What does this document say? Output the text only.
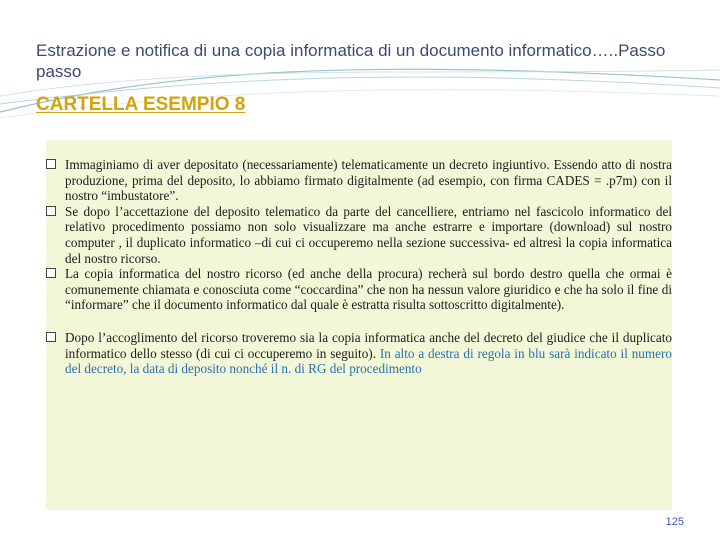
Estrazione e notifica di una copia informatica di un documento informatico…..Passo passo
CARTELLA ESEMPIO 8
Immaginiamo di aver depositato (necessariamente) telematicamente un decreto ingiuntivo. Essendo atto di nostra produzione, prima del deposito, lo abbiamo firmato digitalmente (ad esempio, con firma CADES = .p7m) con il nostro “imbustatore”.
Se dopo l’accettazione del deposito telematico da parte del cancelliere, entriamo nel fascicolo informatico del relativo procedimento possiamo non solo visualizzare ma anche estrarre e importare (download) sul nostro computer , il duplicato informatico –di cui ci occuperemo nella sezione successiva- ed altresì la copia informatica del nostro ricorso.
La copia informatica del nostro ricorso (ed anche della procura) recherà sul bordo destro quella che ormai è comunemente chiamata e conosciuta come “coccardina” che non ha nessun valore giuridico e che ha solo il fine di “informare” che il documento informatico dal quale è estratta risulta sottoscritto digitalmente).
Dopo l’accoglimento del ricorso troveremo sia la copia informatica anche del decreto del giudice che il duplicato informatico dello stesso (di cui ci occuperemo in seguito). In alto a destra di regola in blu sarà indicato il numero del decreto, la data di deposito nonché il n. di RG del procedimento
125
